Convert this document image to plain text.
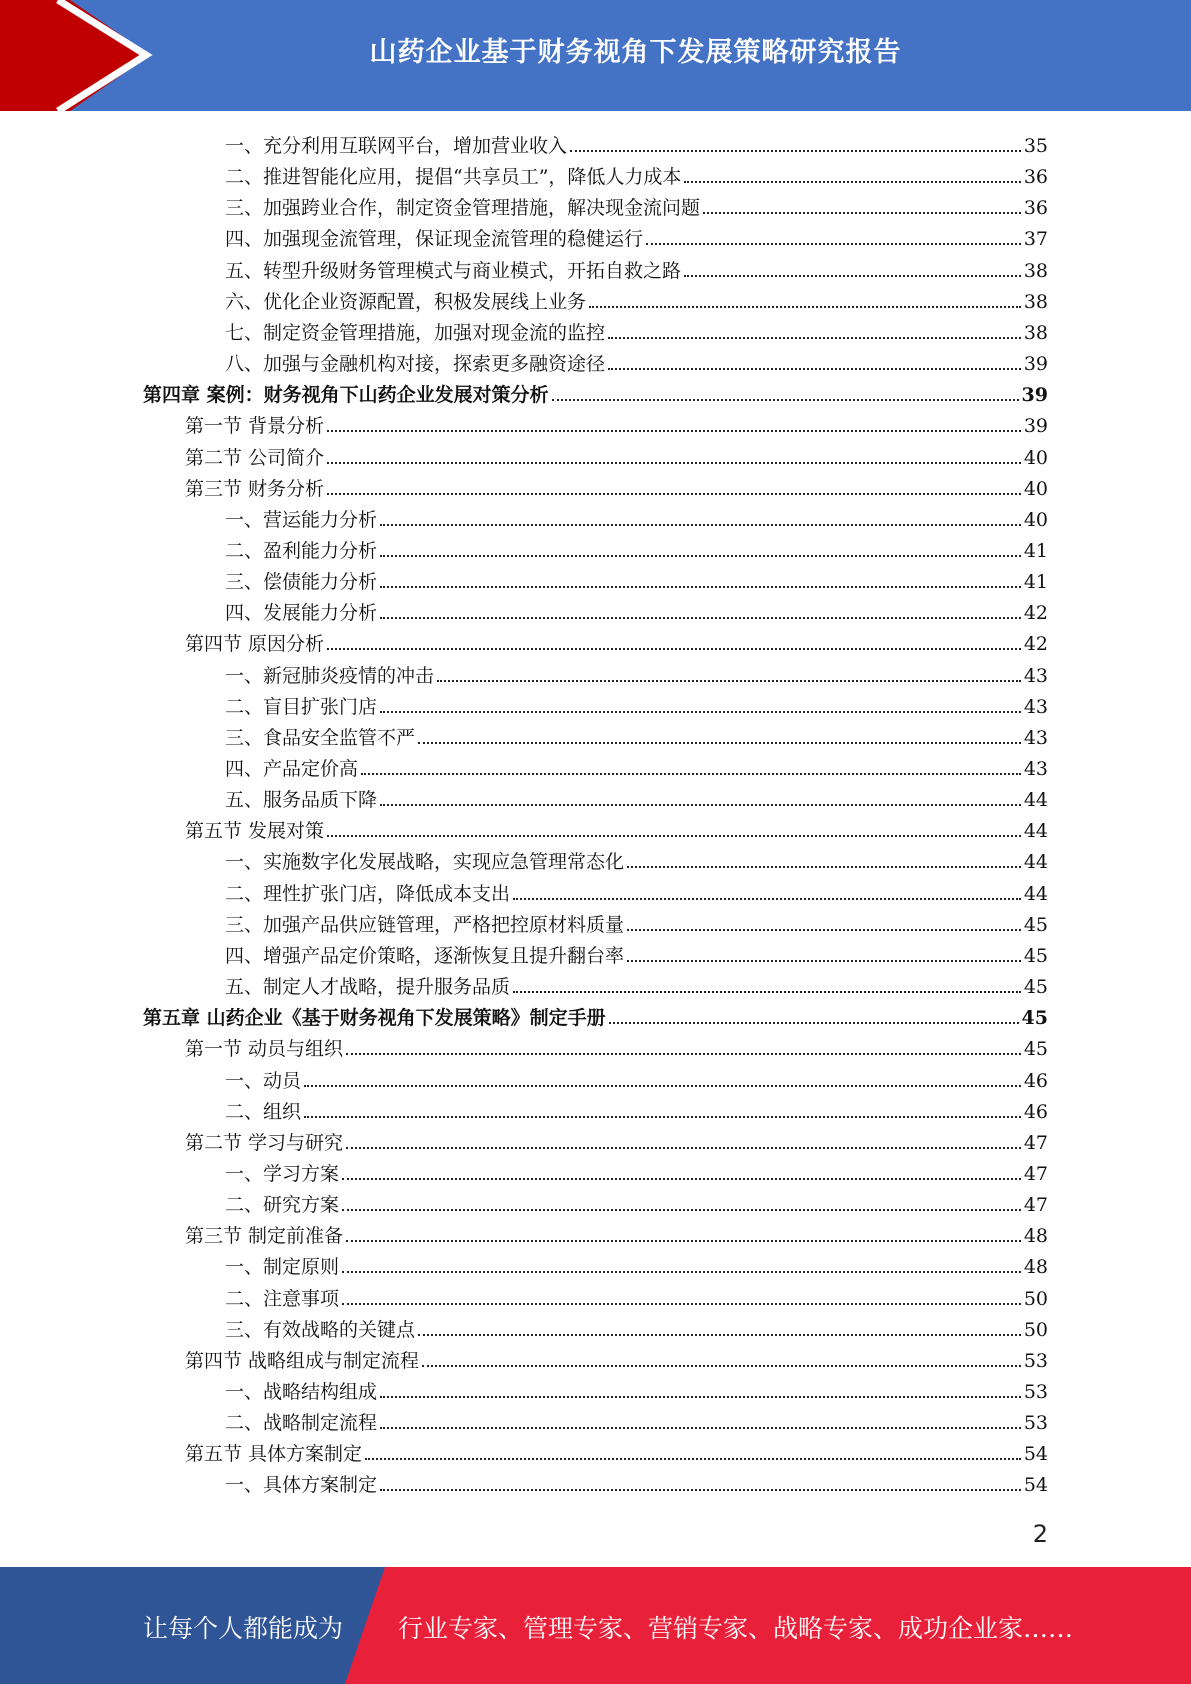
山药企业基于财务视角下发展策略研究报告
一、充分利用互联网平台，增加营业收入	35
二、推进智能化应用，提倡“共享员工”，降低人力成本	36
三、加强跨业合作，制定资金管理措施，解决现金流问题	36
四、加强现金流管理，保证现金流管理的稳健运行	37
五、转型升级财务管理模式与商业模式，开拓自救之路	38
六、优化企业资源配置，积极发展线上业务	38
七、制定资金管理措施，加强对现金流的监控	38
八、加强与金融机构对接，探索更多融资途径	39
第四章 案例：财务视角下山药企业发展对策分析	39
第一节 背景分析	39
第二节 公司简介	40
第三节 财务分析	40
一、营运能力分析	40
二、盈利能力分析	41
三、偿债能力分析	41
四、发展能力分析	42
第四节 原因分析	42
一、新冠肺炎疫情的冲击	43
二、盲目扩张门店	43
三、食品安全监管不严	43
四、产品定价高	43
五、服务品质下降	44
第五节 发展对策	44
一、实施数字化发展战略，实现应急管理常态化	44
二、理性扩张门店，降低成本支出	44
三、加强产品供应链管理，严格把控原材料质量	45
四、增强产品定价策略，逐渐恢复且提升翻台率	45
五、制定人才战略，提升服务品质	45
第五章 山药企业《基于财务视角下发展策略》制定手册	45
第一节 动员与组织	45
一、动员	46
二、组织	46
第二节 学习与研究	47
一、学习方案	47
二、研究方案	47
第三节 制定前准备	48
一、制定原则	48
二、注意事项	50
三、有效战略的关键点	50
第四节 战略组成与制定流程	53
一、战略结构组成	53
二、战略制定流程	53
第五节 具体方案制定	54
一、具体方案制定	54
2
让每个人都能成为 行业专家、管理专家、营销专家、战略专家、成功企业家……
